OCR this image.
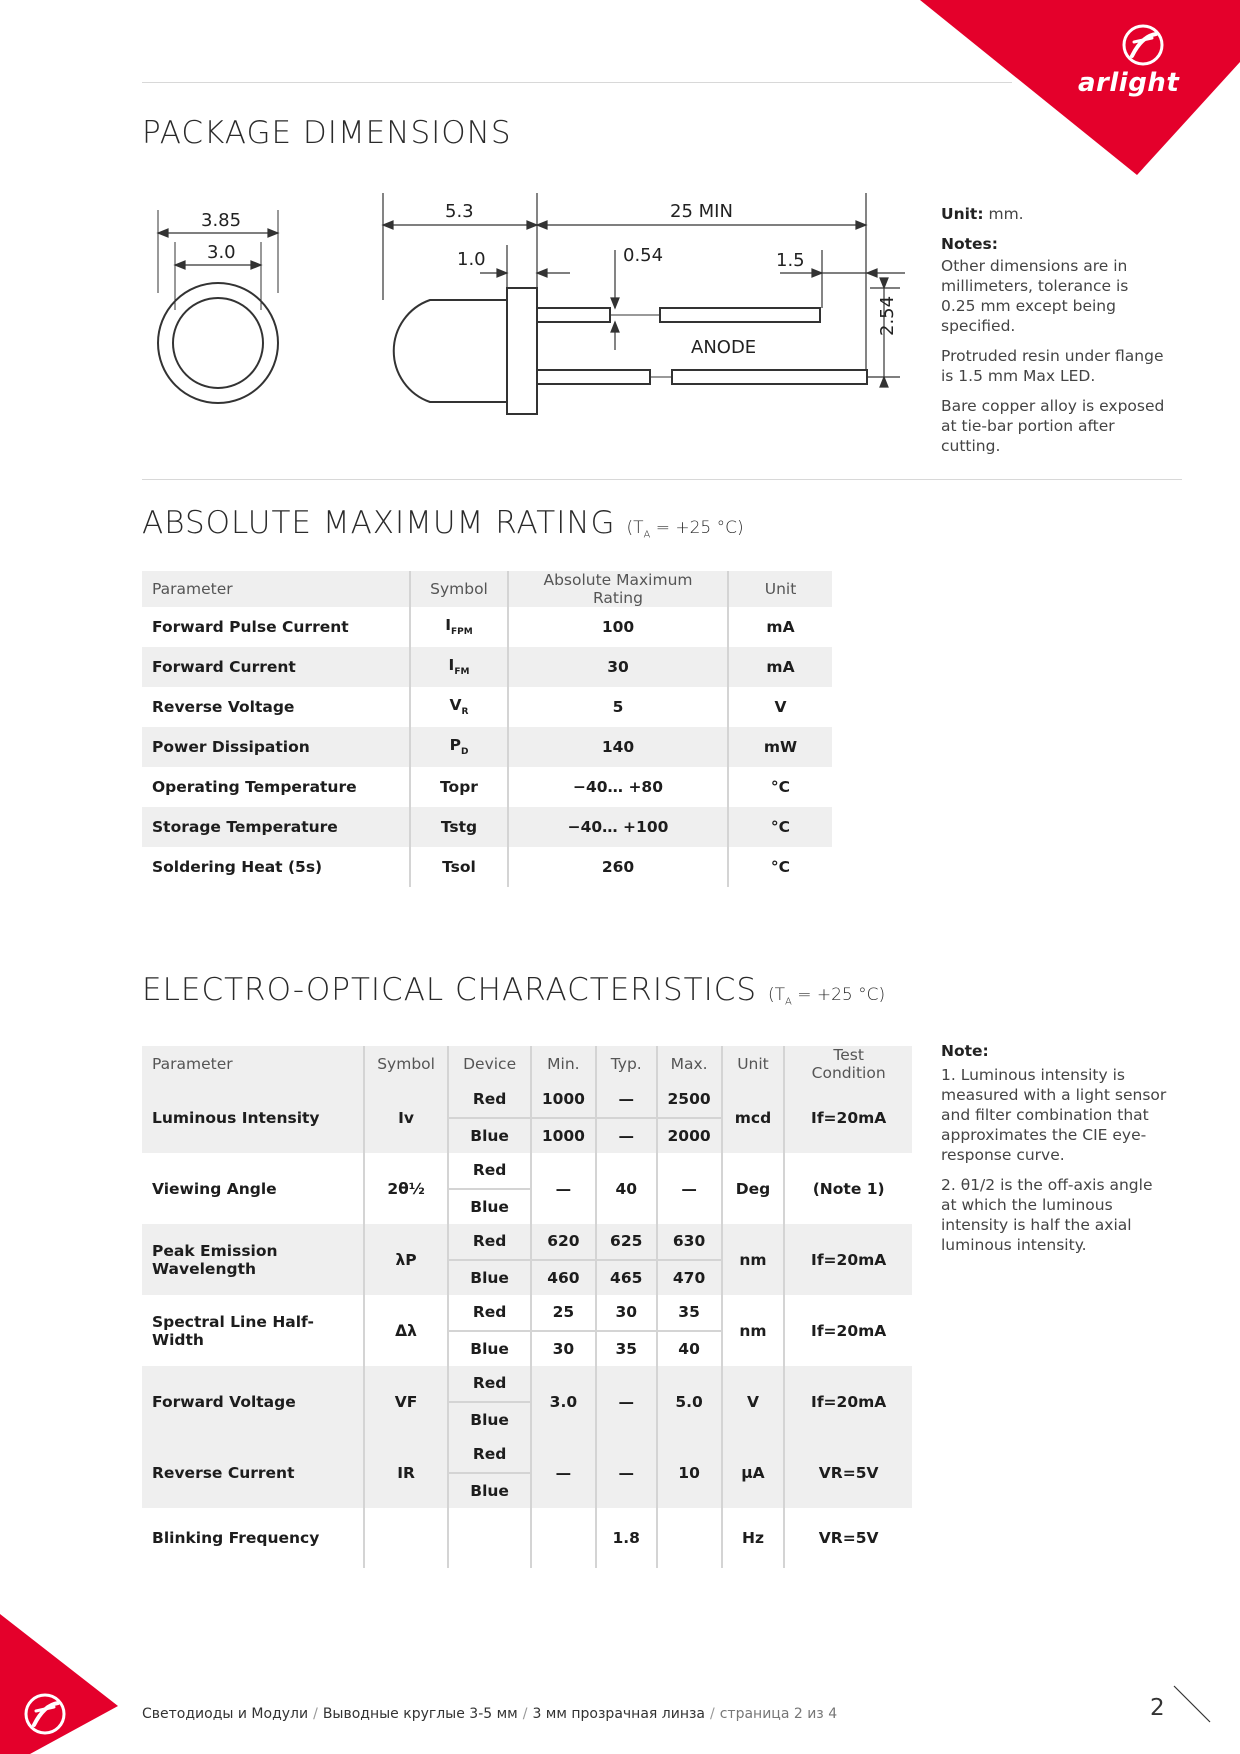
arlight
PACKAGE DIMENSIONS
3.85
3.0
5.3	25 MIN
1.0	0.54	1.5
2.54
ANODE
Unit: mm.
Notes:
Other dimensions are in millimeters, tolerance is 0.25 mm except being specified.
Protruded resin under flange is 1.5 mm Max LED.
Bare copper alloy is exposed at tie-bar portion after cutting.
ABSOLUTE MAXIMUM RATING ($T_A = +25$ °C)
Parameter	Symbol	Absolute Maximum Rating	Unit
Forward Pulse Current	$I_{FPM}$	100	mA
Forward Current	$I_{FM}$	30	mA
Reverse Voltage	$V_R$	5	V
Power Dissipation	$P_D$	140	mW
Operating Temperature	Topr	−40… +80	°C
Storage Temperature	Tstg	−40… +100	°C
Soldering Heat (5s)	Tsol	260	°C
ELECTRO-OPTICAL CHARACTERISTICS ($T_A = +25$ °C)
Parameter	Symbol	Device	Min.	Typ.	Max.	Unit	Test Condition
Luminous Intensity	Iv	Red	1000	—	2500	mcd	If=20mA
		Blue	1000	—	2000		
Viewing Angle	2θ½	Red	—	40	—	Deg	(Note 1)
		Blue					
Peak Emission Wavelength	λP	Red	620	625	630	nm	If=20mA
		Blue	460	465	470		
Spectral Line Half-Width	Δλ	Red	25	30	35	nm	If=20mA
		Blue	30	35	40		
Forward Voltage	VF	Red	3.0	—	5.0	V	If=20mA
		Blue					
Reverse Current	IR	Red	—	—	10	μA	VR=5V
		Blue					
Blinking Frequency				1.8		Hz	VR=5V
Note:
1. Luminous intensity is measured with a light sensor and filter combination that approximates the CIE eye-response curve.
2. θ1/2 is the off-axis angle at which the luminous intensity is half the axial luminous intensity.
Светодиоды и Модули / Выводные круглые 3-5 мм / 3 мм прозрачная линза / страница 2 из 4	2
